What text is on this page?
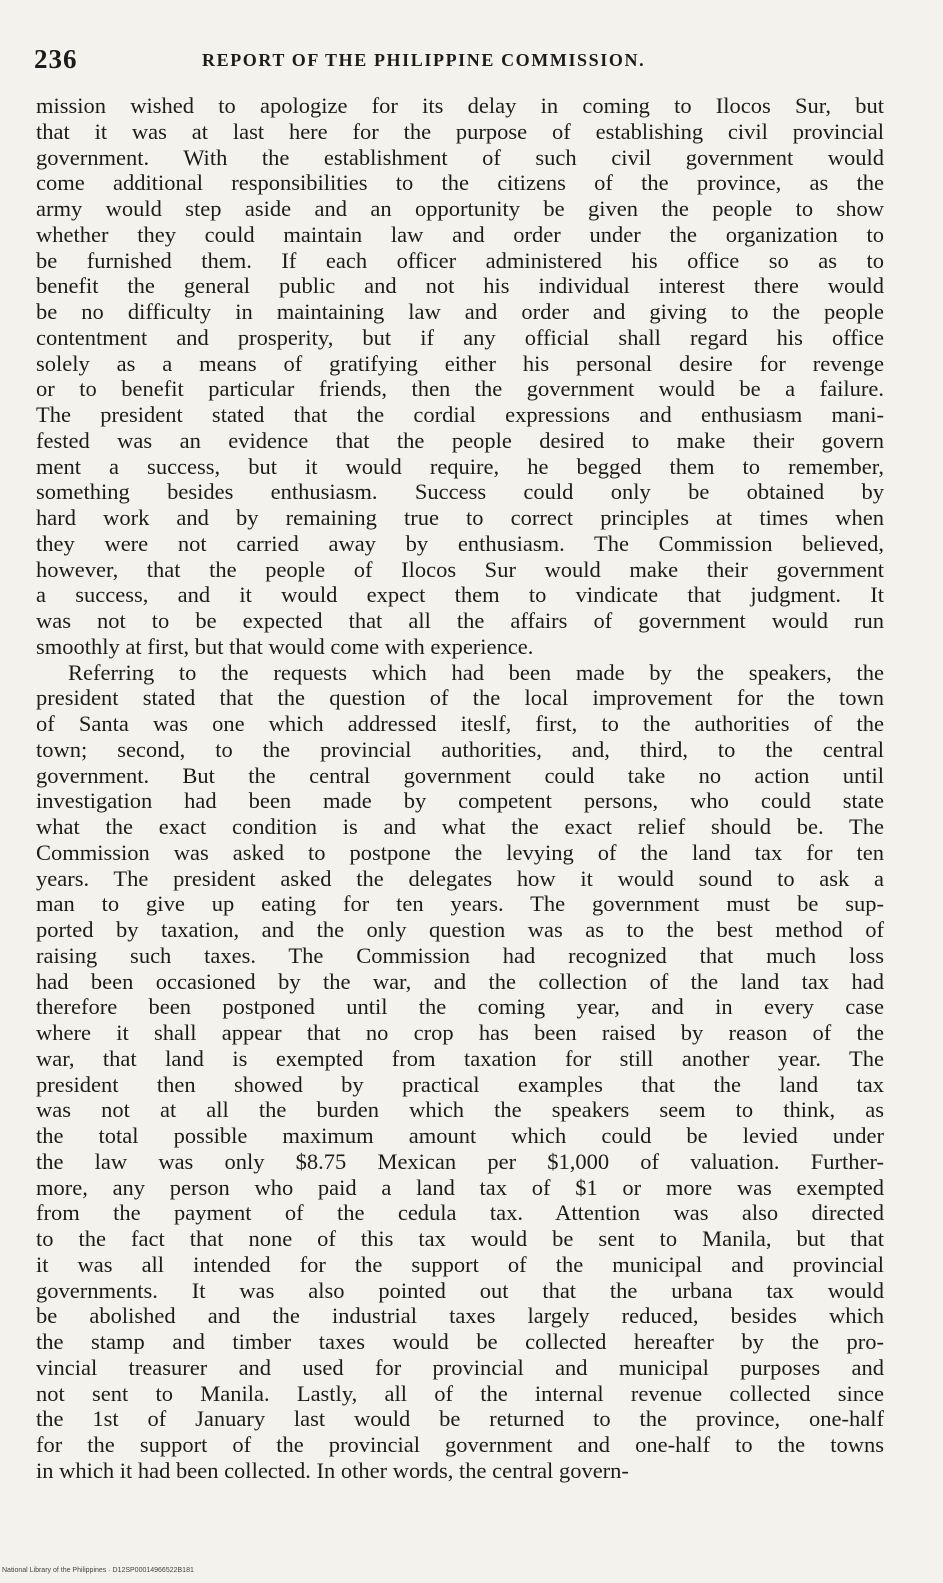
236	REPORT OF THE PHILIPPINE COMMISSION.
mission wished to apologize for its delay in coming to Ilocos Sur, but
that it was at last here for the purpose of establishing civil provincial
government. With the establishment of such civil government would
come additional responsibilities to the citizens of the province, as the
army would step aside and an opportunity be given the people to show
whether they could maintain law and order under the organization to
be furnished them. If each officer administered his office so as to
benefit the general public and not his individual interest there would
be no difficulty in maintaining law and order and giving to the people
contentment and prosperity, but if any official shall regard his office
solely as a means of gratifying either his personal desire for revenge
or to benefit particular friends, then the government would be a failure.
The president stated that the cordial expressions and enthusiasm mani-
fested was an evidence that the people desired to make their govern
ment a success, but it would require, he begged them to remember,
something besides enthusiasm. Success could only be obtained by
hard work and by remaining true to correct principles at times when
they were not carried away by enthusiasm. The Commission believed,
however, that the people of Ilocos Sur would make their government
a success, and it would expect them to vindicate that judgment. It
was not to be expected that all the affairs of government would run
smoothly at first, but that would come with experience.
Referring to the requests which had been made by the speakers, the
president stated that the question of the local improvement for the town
of Santa was one which addressed iteslf, first, to the authorities of the
town; second, to the provincial authorities, and, third, to the central
government. But the central government could take no action until
investigation had been made by competent persons, who could state
what the exact condition is and what the exact relief should be. The
Commission was asked to postpone the levying of the land tax for ten
years. The president asked the delegates how it would sound to ask a
man to give up eating for ten years. The government must be sup-
ported by taxation, and the only question was as to the best method of
raising such taxes. The Commission had recognized that much loss
had been occasioned by the war, and the collection of the land tax had
therefore been postponed until the coming year, and in every case
where it shall appear that no crop has been raised by reason of the
war, that land is exempted from taxation for still another year. The
president then showed by practical examples that the land tax
was not at all the burden which the speakers seem to think, as
the total possible maximum amount which could be levied under
the law was only $8.75 Mexican per $1,000 of valuation. Further-
more, any person who paid a land tax of $1 or more was exempted
from the payment of the cedula tax. Attention was also directed
to the fact that none of this tax would be sent to Manila, but that
it was all intended for the support of the municipal and provincial
governments. It was also pointed out that the urbana tax would
be abolished and the industrial taxes largely reduced, besides which
the stamp and timber taxes would be collected hereafter by the pro-
vincial treasurer and used for provincial and municipal purposes and
not sent to Manila. Lastly, all of the internal revenue collected since
the 1st of January last would be returned to the province, one-half
for the support of the provincial government and one-half to the towns
in which it had been collected. In other words, the central govern-
National Library of the Philippines · D12SP00014966522B181
